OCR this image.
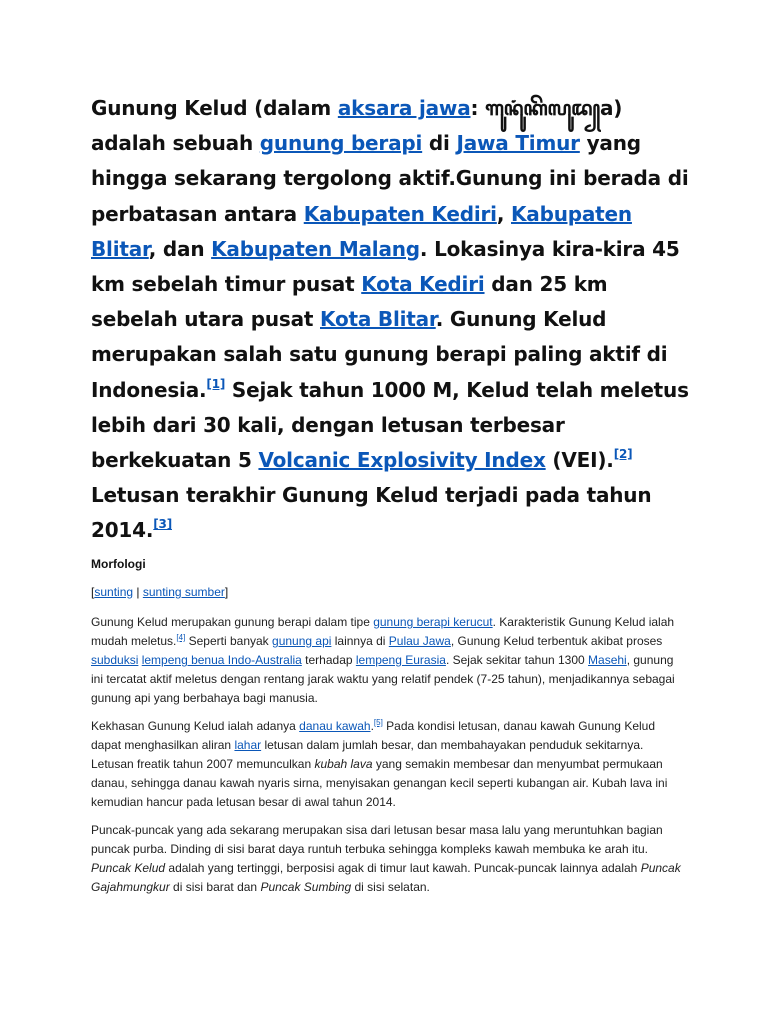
Gunung Kelud (dalam aksara jawa: ꦒꦸꦤꦸꦁꦏꦼꦭꦸꦢ꧀a) adalah sebuah gunung berapi di Jawa Timur yang hingga sekarang tergolong aktif.Gunung ini berada di perbatasan antara Kabupaten Kediri, Kabupaten Blitar, dan Kabupaten Malang. Lokasinya kira-kira 45 km sebelah timur pusat Kota Kediri dan 25 km sebelah utara pusat Kota Blitar. Gunung Kelud merupakan salah satu gunung berapi paling aktif di Indonesia.[1] Sejak tahun 1000 M, Kelud telah meletus lebih dari 30 kali, dengan letusan terbesar berkekuatan 5 Volcanic Explosivity Index (VEI).[2] Letusan terakhir Gunung Kelud terjadi pada tahun 2014.[3]

Morfologi

[sunting | sunting sumber]

Gunung Kelud merupakan gunung berapi dalam tipe gunung berapi kerucut. Karakteristik Gunung Kelud ialah mudah meletus.[4] Seperti banyak gunung api lainnya di Pulau Jawa, Gunung Kelud terbentuk akibat proses subduksi lempeng benua Indo-Australia terhadap lempeng Eurasia. Sejak sekitar tahun 1300 Masehi, gunung ini tercatat aktif meletus dengan rentang jarak waktu yang relatif pendek (7-25 tahun), menjadikannya sebagai gunung api yang berbahaya bagi manusia.

Kekhasan Gunung Kelud ialah adanya danau kawah.[5] Pada kondisi letusan, danau kawah Gunung Kelud dapat menghasilkan aliran lahar letusan dalam jumlah besar, dan membahayakan penduduk sekitarnya. Letusan freatik tahun 2007 memunculkan kubah lava yang semakin membesar dan menyumbat permukaan danau, sehingga danau kawah nyaris sirna, menyisakan genangan kecil seperti kubangan air. Kubah lava ini kemudian hancur pada letusan besar di awal tahun 2014.

Puncak-puncak yang ada sekarang merupakan sisa dari letusan besar masa lalu yang meruntuhkan bagian puncak purba. Dinding di sisi barat daya runtuh terbuka sehingga kompleks kawah membuka ke arah itu. Puncak Kelud adalah yang tertinggi, berposisi agak di timur laut kawah. Puncak-puncak lainnya adalah Puncak Gajahmungkur di sisi barat dan Puncak Sumbing di sisi selatan.
